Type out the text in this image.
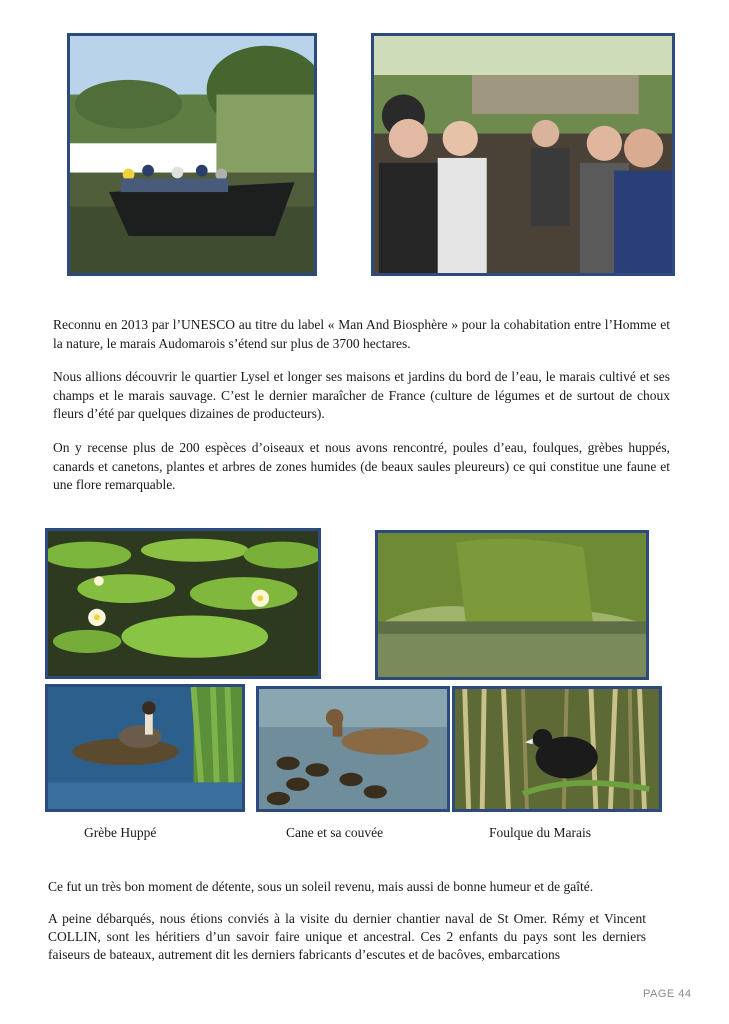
Reconnu en 2013 par l’UNESCO au titre du label « Man And Biosphère » pour la cohabitation entre l’Homme et la nature, le marais Audomarois s’étend sur plus de 3700 hectares.

Nous allions découvrir le quartier Lysel et longer ses maisons et jardins du bord de l’eau, le marais cultivé et ses champs et le marais sauvage. C’est le dernier maraîcher de France (culture de légumes et de surtout de choux fleurs d’été par quelques dizaines de producteurs).

On y recense plus de 200 espèces d’oiseaux et nous avons rencontré, poules d’eau, foulques, grèbes huppés, canards et canetons, plantes et arbres de zones humides (de beaux saules pleureurs) ce qui constitue une faune et une flore remarquable.

Grèbe Huppé	Cane et sa couvée	Foulque du Marais

Ce fut un très bon moment de détente, sous un soleil revenu, mais aussi de bonne humeur et de gaîté.

A peine débarqués, nous étions conviés à la visite du dernier chantier naval de St Omer. Rémy et Vincent COLLIN, sont les héritiers d’un savoir faire unique et ancestral. Ces 2 enfants du pays sont les derniers faiseurs de bateaux, autrement dit les derniers fabricants d’escutes et de bacôves, embarcations

PAGE 44
